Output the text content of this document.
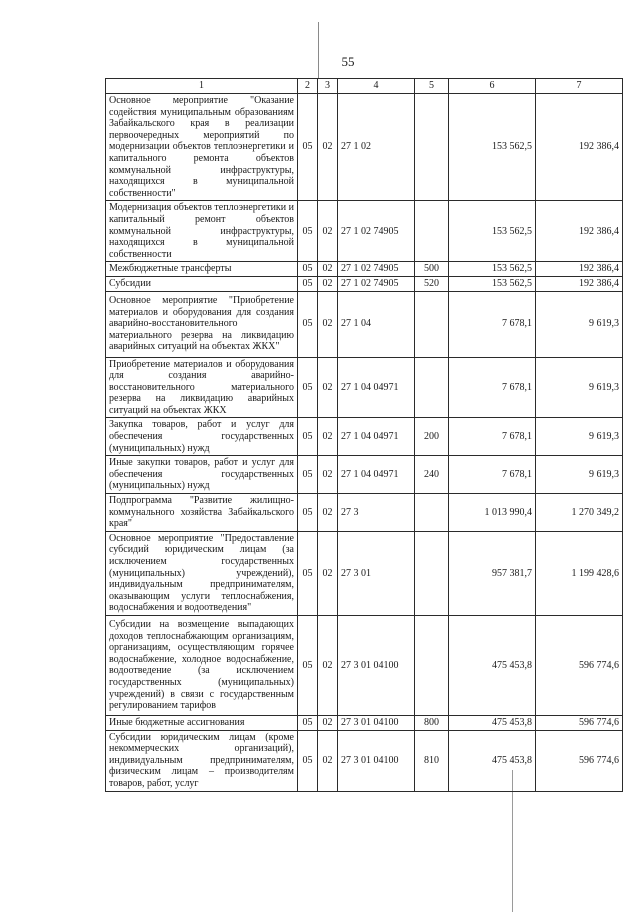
55
1	2	3	4	5	6	7
Основное мероприятие "Оказание содействия муниципальным образованиям Забайкальского края в реализации первоочередных мероприятий по модернизации объектов теплоэнергетики и капитального ремонта объектов коммунальной инфраструктуры, находящихся в муниципальной собственности"	05	02	27 1 02		153 562,5	192 386,4
Модернизация объектов теплоэнергетики и капитальный ремонт объектов коммунальной инфраструктуры, находящихся в муниципальной собственности	05	02	27 1 02 74905		153 562,5	192 386,4
Межбюджетные трансферты	05	02	27 1 02 74905	500	153 562,5	192 386,4
Субсидии	05	02	27 1 02 74905	520	153 562,5	192 386,4
Основное мероприятие "Приобретение материалов и оборудования для создания аварийно-восстановительного материального резерва на ликвидацию аварийных ситуаций на объектах ЖКХ"	05	02	27 1 04		7 678,1	9 619,3
Приобретение материалов и оборудования для создания аварийно-восстановительного материального резерва на ликвидацию аварийных ситуаций на объектах ЖКХ	05	02	27 1 04 04971		7 678,1	9 619,3
Закупка товаров, работ и услуг для обеспечения государственных (муниципальных) нужд	05	02	27 1 04 04971	200	7 678,1	9 619,3
Иные закупки товаров, работ и услуг для обеспечения государственных (муниципальных) нужд	05	02	27 1 04 04971	240	7 678,1	9 619,3
Подпрограмма "Развитие жилищно-коммунального хозяйства Забайкальского края"	05	02	27 3		1 013 990,4	1 270 349,2
Основное мероприятие "Предоставление субсидий юридическим лицам (за исключением государственных (муниципальных) учреждений), индивидуальным предпринимателям, оказывающим услуги теплоснабжения, водоснабжения и водоотведения"	05	02	27 3 01		957 381,7	1 199 428,6
Субсидии на возмещение выпадающих доходов теплоснабжающим организациям, организациям, осуществляющим горячее водоснабжение, холодное водоснабжение, водоотведение (за исключением государственных (муниципальных) учреждений) в связи с государственным регулированием тарифов	05	02	27 3 01 04100		475 453,8	596 774,6
Иные бюджетные ассигнования	05	02	27 3 01 04100	800	475 453,8	596 774,6
Субсидии юридическим лицам (кроме некоммерческих организаций), индивидуальным предпринимателям, физическим лицам – производителям товаров, работ, услуг	05	02	27 3 01 04100	810	475 453,8	596 774,6
